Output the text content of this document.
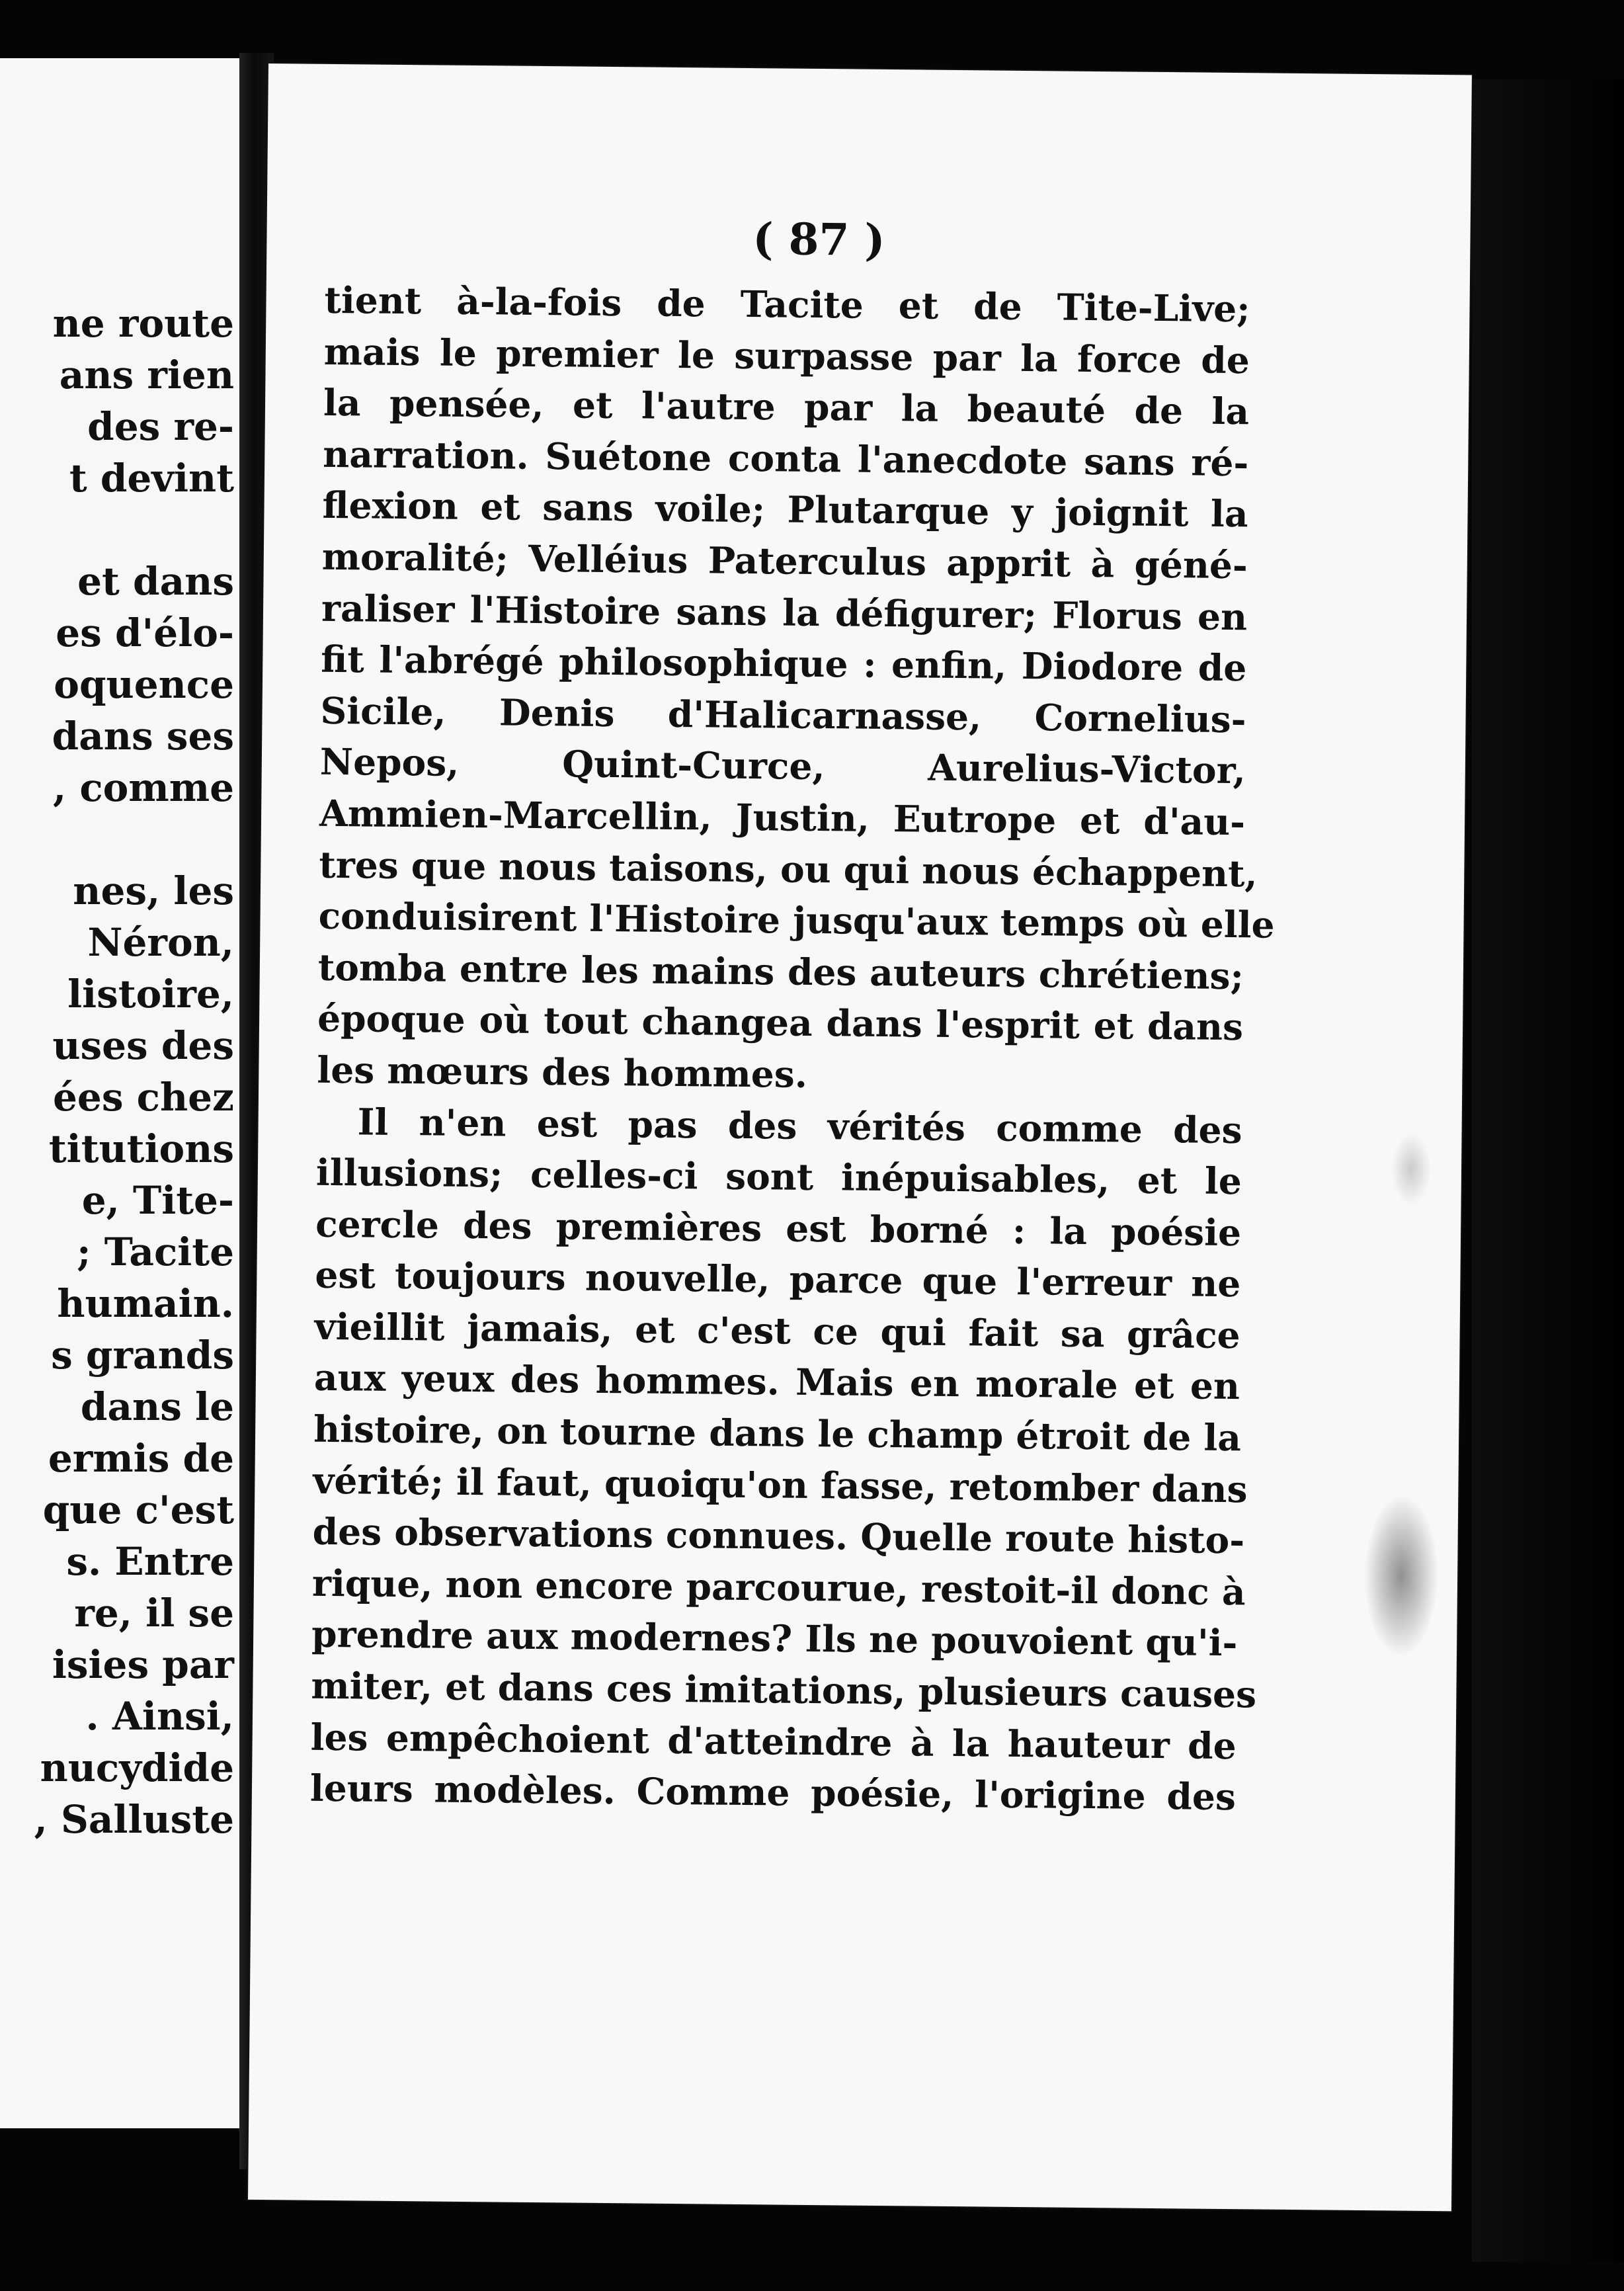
ne route
ans rien
des re-
t devint
et dans
es d'élo-
oquence
dans ses
, comme
nes, les
Néron,
listoire,
uses des
ées chez
titutions
e, Tite-
; Tacite
humain.
s grands
dans le
ermis de
que c'est
s. Entre
re, il se
isies par
. Ainsi,
nucydide
, Salluste
( 87 )
tient à-la-fois de Tacite et de Tite-Live;
mais le premier le surpasse par la force de
la pensée, et l'autre par la beauté de la
narration. Suétone conta l'anecdote sans ré-
flexion et sans voile; Plutarque y joignit la
moralité; Velléius Paterculus apprit à géné-
raliser l'Histoire sans la défigurer; Florus en
fit l'abrégé philosophique : enfin, Diodore de
Sicile, Denis d'Halicarnasse, Cornelius-
Nepos, Quint-Curce, Aurelius-Victor,
Ammien-Marcellin, Justin, Eutrope et d'au-
tres que nous taisons, ou qui nous échappent,
conduisirent l'Histoire jusqu'aux temps où elle
tomba entre les mains des auteurs chrétiens;
époque où tout changea dans l'esprit et dans
les mœurs des hommes.
Il n'en est pas des vérités comme des
illusions; celles-ci sont inépuisables, et le
cercle des premières est borné : la poésie
est toujours nouvelle, parce que l'erreur ne
vieillit jamais, et c'est ce qui fait sa grâce
aux yeux des hommes. Mais en morale et en
histoire, on tourne dans le champ étroit de la
vérité; il faut, quoiqu'on fasse, retomber dans
des observations connues. Quelle route histo-
rique, non encore parcourue, restoit-il donc à
prendre aux modernes? Ils ne pouvoient qu'i-
miter, et dans ces imitations, plusieurs causes
les empêchoient d'atteindre à la hauteur de
leurs modèles. Comme poésie, l'origine des
